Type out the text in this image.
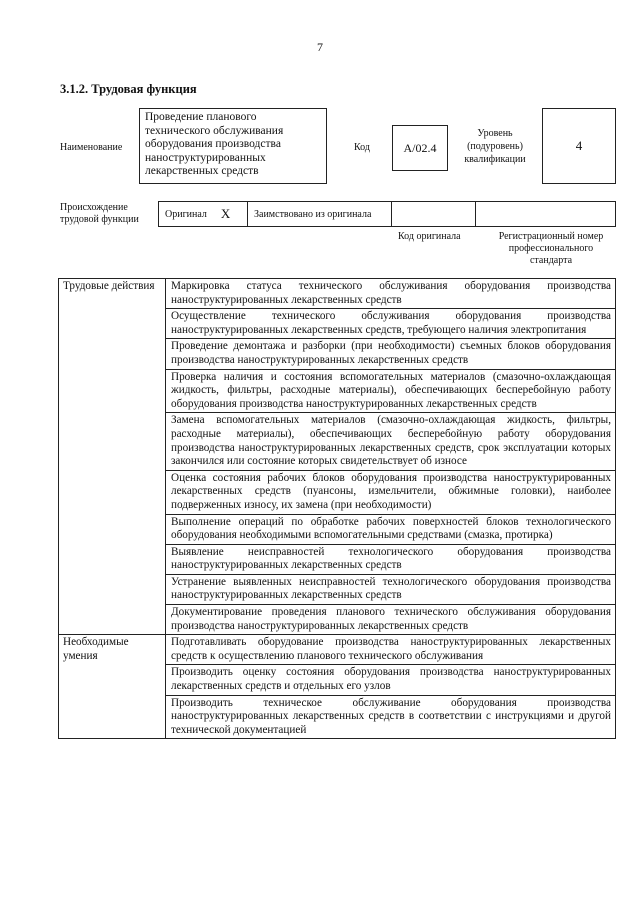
7
3.1.2. Трудовая функция
Наименование
Проведение планового технического обслуживания оборудования производства наноструктурированных лекарственных средств
Код	A/02.4
Уровень
(подуровень)
квалификации
4
Происхождение
трудовой функции	Оригинал X	Заимствовано из оригинала
Код оригинала	Регистрационный номер
профессионального
стандарта
Трудовые действия	Маркировка статуса технического обслуживания оборудования производства наноструктурированных лекарственных средств
	Осуществление технического обслуживания оборудования производства наноструктурированных лекарственных средств, требующего наличия электропитания
	Проведение демонтажа и разборки (при необходимости) съемных блоков оборудования производства наноструктурированных лекарственных средств
	Проверка наличия и состояния вспомогательных материалов (смазочно-охлаждающая жидкость, фильтры, расходные материалы), обеспечивающих бесперебойную работу оборудования производства наноструктурированных лекарственных средств
	Замена вспомогательных материалов (смазочно-охлаждающая жидкость, фильтры, расходные материалы), обеспечивающих бесперебойную работу оборудования производства наноструктурированных лекарственных средств, срок эксплуатации которых закончился или состояние которых свидетельствует об износе
	Оценка состояния рабочих блоков оборудования производства наноструктурированных лекарственных средств (пуансоны, измельчители, обжимные головки), наиболее подверженных износу, их замена (при необходимости)
	Выполнение операций по обработке рабочих поверхностей блоков технологического оборудования необходимыми вспомогательными средствами (смазка, протирка)
	Выявление неисправностей технологического оборудования производства наноструктурированных лекарственных средств
	Устранение выявленных неисправностей технологического оборудования производства наноструктурированных лекарственных средств
	Документирование проведения планового технического обслуживания оборудования производства наноструктурированных лекарственных средств
Необходимые умения	Подготавливать оборудование производства наноструктурированных лекарственных средств к осуществлению планового технического обслуживания
	Производить оценку состояния оборудования производства наноструктурированных лекарственных средств и отдельных его узлов
	Производить техническое обслуживание оборудования производства наноструктурированных лекарственных средств в соответствии с инструкциями и другой технической документацией
